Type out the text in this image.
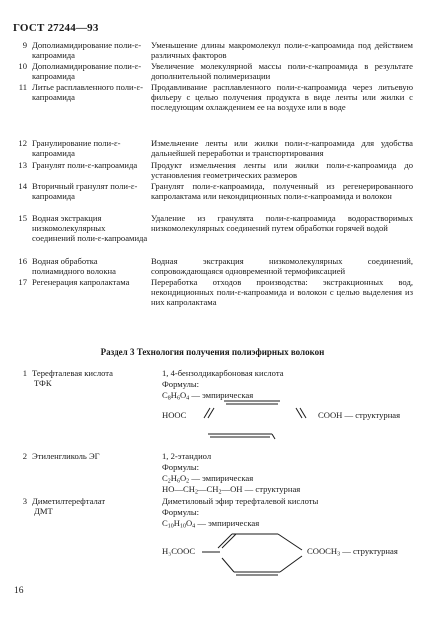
ГОСТ 27244—93
9 Дополиамидирование поли-ε-капроамида
Уменьшение длины макромолекул поли-ε-капроамида под действием различных факторов
10 Дополиамидирование поли-ε-капроамида
Увеличение молекулярной массы поли-ε-капроамида в результате дополнительной полимеризации
11 Литье расплавленного поли-ε-капроамида
Продавливание расплавленного поли-ε-капроамида через литьевую фильеру с целью получения продукта в виде ленты или жилки с последующим охлаждением ее на воздухе или в воде
12 Гранулирование поли-ε-капроамида
Измельчение ленты или жилки поли-ε-капроамида для удобства дальнейшей переработки и транспортирования
13 Гранулят поли-ε-капроамида	Продукт измельчения ленты или жилки поли-ε-капроамида до установления геометрических размеров
14 Вторичный гранулят поли-ε-капроамида
Гранулят поли-ε-капроамида, полученный из регенерированного капролактама или некондиционных поли-ε-капроамида и волокон
15 Водная экстракция низкомолекулярных соединений поли-ε-капроамида
Удаление из гранулята поли-ε-капроамида водорастворимых низкомолекулярных соединений путем обработки горячей водой
16 Водная обработка полиамидного волокна
Водная экстракция низкомолекулярных соединений, сопровождающаяся одновременной термофиксацией
17 Регенерация капролактама	Переработка отходов производства: экстракционных вод, некондиционных поли-ε-капроамида и волокон с целью выделения из них капролактама
Раздел 3 Технология получения полиэфирных волокон
1 Терефталевая кислота
ТФК
1, 4-бензолдикарбоновая кислота
Формулы:
$C_8H_6O_4$ — эмпирическая
HOOC	COOH — структурная
2 Этиленгликоль ЭГ	1, 2-этандиол
Формулы:
$C_2H_6O_2$ — эмпирическая
$HO—CH_2—CH_2—OH$ — структурная
3 Диметилтерефталат
ДМТ
Диметиловый эфир терефталевой кислоты
Формулы:
$C_{10}H_{10}O_4$ — эмпирическая
H₃COOC	$COOCH_3$ — структурная
16
